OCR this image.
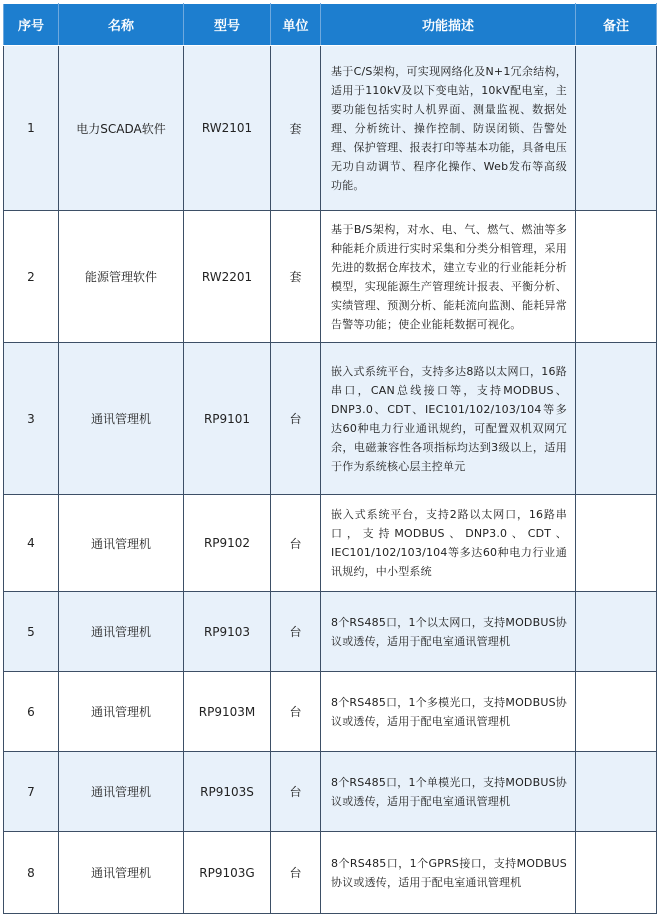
序号	名称	型号	单位	功能描述	备注
1	电力SCADA软件	RW2101	套	基于C/S架构，可实现网络化及N+1冗余结构，适用于110kV及以下变电站，10kV配电室，主要功能包括实时人机界面、测量监视、数据处理、分析统计、操作控制、防误闭锁、告警处理、保护管理、报表打印等基本功能，具备电压无功自动调节、程序化操作、Web发布等高级功能。	
2	能源管理软件	RW2201	套	基于B/S架构，对水、电、气、燃气、燃油等多种能耗介质进行实时采集和分类分相管理，采用先进的数据仓库技术，建立专业的行业能耗分析模型，实现能源生产管理统计报表、平衡分析、实绩管理、预测分析、能耗流向监测、能耗异常告警等功能；使企业能耗数据可视化。	
3	通讯管理机	RP9101	台	嵌入式系统平台，支持多达8路以太网口，16路串口，CAN总线接口等，支持MODBUS、DNP3.0、CDT、IEC101/102/103/104等多达60种电力行业通讯规约，可配置双机双网冗余，电磁兼容性各项指标均达到3级以上，适用于作为系统核心层主控单元	
4	通讯管理机	RP9102	台	嵌入式系统平台，支持2路以太网口，16路串口，支持MODBUS、DNP3.0、CDT、IEC101/102/103/104等多达60种电力行业通讯规约，中小型系统	
5	通讯管理机	RP9103	台	8个RS485口，1个以太网口，支持MODBUS协议或透传，适用于配电室通讯管理机	
6	通讯管理机	RP9103M	台	8个RS485口，1个多模光口，支持MODBUS协议或透传，适用于配电室通讯管理机	
7	通讯管理机	RP9103S	台	8个RS485口，1个单模光口，支持MODBUS协议或透传，适用于配电室通讯管理机	
8	通讯管理机	RP9103G	台	8个RS485口，1个GPRS接口，支持MODBUS协议或透传，适用于配电室通讯管理机	
